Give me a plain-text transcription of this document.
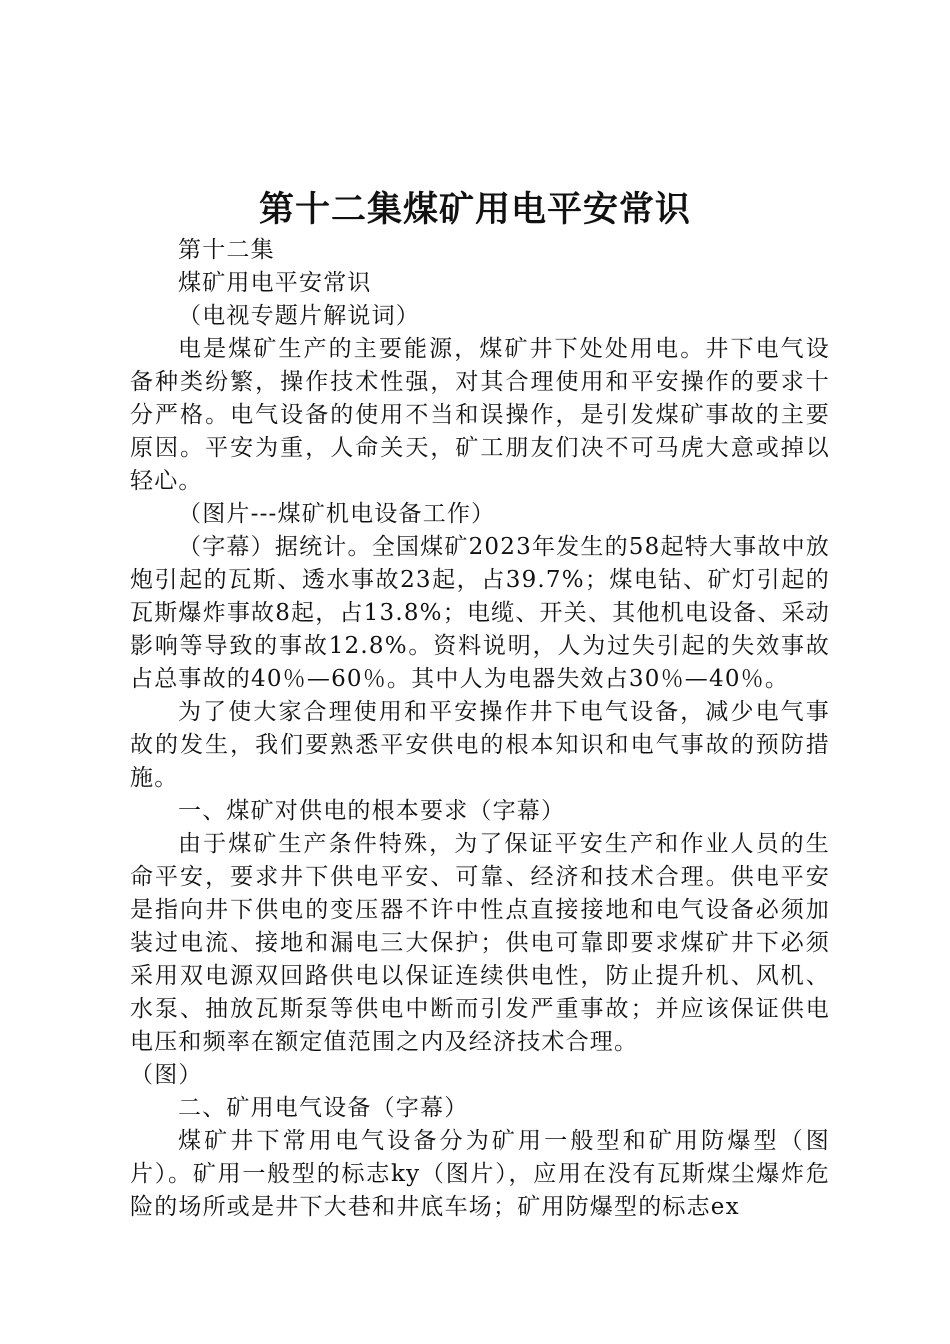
第十二集煤矿用电平安常识

第十二集

煤矿用电平安常识

（电视专题片解说词）

电是煤矿生产的主要能源，煤矿井下处处用电。井下电气设备种类纷繁，操作技术性强，对其合理使用和平安操作的要求十分严格。电气设备的使用不当和误操作，是引发煤矿事故的主要原因。平安为重，人命关天，矿工朋友们决不可马虎大意或掉以轻心。

（图片---煤矿机电设备工作）

（字幕）据统计。全国煤矿2023年发生的58起特大事故中放炮引起的瓦斯、透水事故23起，占39.7%；煤电钻、矿灯引起的瓦斯爆炸事故8起，占13.8%；电缆、开关、其他机电设备、采动影响等导致的事故12.8%。资料说明，人为过失引起的失效事故占总事故的40％—60％。其中人为电器失效占30％—40％。

为了使大家合理使用和平安操作井下电气设备，减少电气事故的发生，我们要熟悉平安供电的根本知识和电气事故的预防措施。

一、煤矿对供电的根本要求（字幕）

由于煤矿生产条件特殊，为了保证平安生产和作业人员的生命平安，要求井下供电平安、可靠、经济和技术合理。供电平安是指向井下供电的变压器不许中性点直接接地和电气设备必须加装过电流、接地和漏电三大保护；供电可靠即要求煤矿井下必须采用双电源双回路供电以保证连续供电性，防止提升机、风机、水泵、抽放瓦斯泵等供电中断而引发严重事故；并应该保证供电电压和频率在额定值范围之内及经济技术合理。

（图）

二、矿用电气设备（字幕）

煤矿井下常用电气设备分为矿用一般型和矿用防爆型（图片）。矿用一般型的标志ky（图片），应用在没有瓦斯煤尘爆炸危险的场所或是井下大巷和井底车场；矿用防爆型的标志ex
